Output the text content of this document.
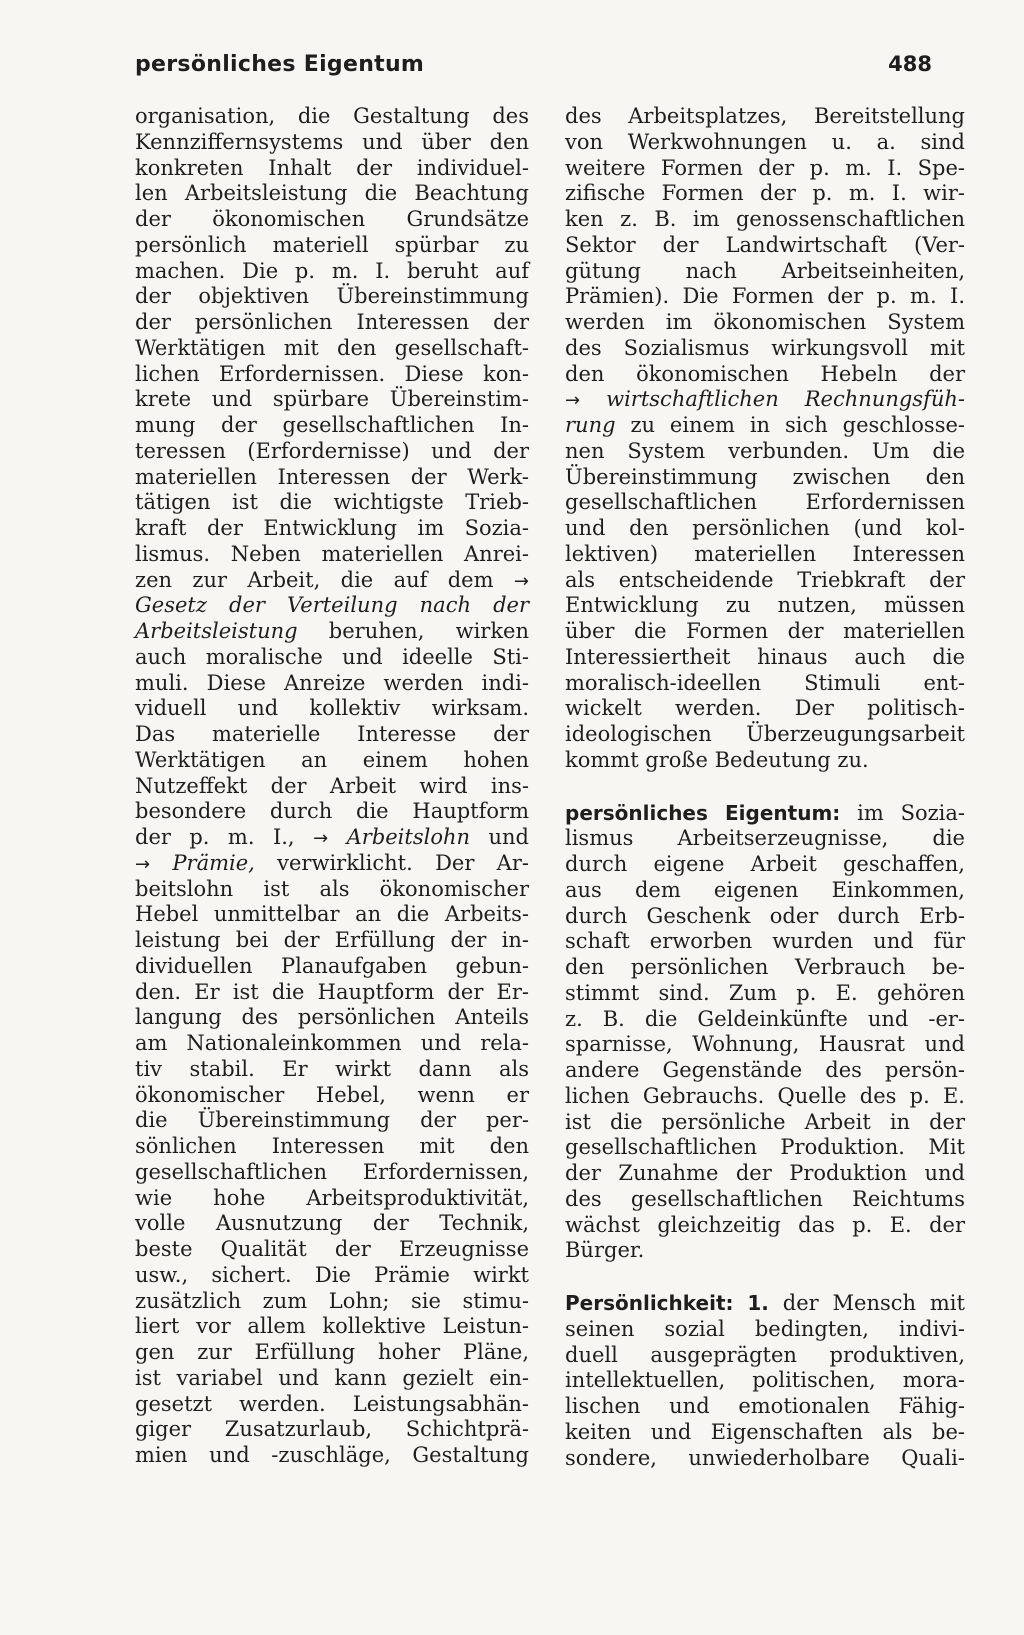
persönliches Eigentum	488
organisation, die Gestaltung des
Kennziffernsystems und über den
konkreten Inhalt der individuel-
len Arbeitsleistung die Beachtung
der ökonomischen Grundsätze
persönlich materiell spürbar zu
machen. Die p. m. I. beruht auf
der objektiven Übereinstimmung
der persönlichen Interessen der
Werktätigen mit den gesellschaft-
lichen Erfordernissen. Diese kon-
krete und spürbare Übereinstim-
mung der gesellschaftlichen In-
teressen (Erfordernisse) und der
materiellen Interessen der Werk-
tätigen ist die wichtigste Trieb-
kraft der Entwicklung im Sozia-
lismus. Neben materiellen Anrei-
zen zur Arbeit, die auf dem →
Gesetz der Verteilung nach der
Arbeitsleistung beruhen, wirken
auch moralische und ideelle Sti-
muli. Diese Anreize werden indi-
viduell und kollektiv wirksam.
Das materielle Interesse der
Werktätigen an einem hohen
Nutzeffekt der Arbeit wird ins-
besondere durch die Hauptform
der p. m. I., → Arbeitslohn und
→ Prämie, verwirklicht. Der Ar-
beitslohn ist als ökonomischer
Hebel unmittelbar an die Arbeits-
leistung bei der Erfüllung der in-
dividuellen Planaufgaben gebun-
den. Er ist die Hauptform der Er-
langung des persönlichen Anteils
am Nationaleinkommen und rela-
tiv stabil. Er wirkt dann als
ökonomischer Hebel, wenn er
die Übereinstimmung der per-
sönlichen Interessen mit den
gesellschaftlichen Erfordernissen,
wie hohe Arbeitsproduktivität,
volle Ausnutzung der Technik,
beste Qualität der Erzeugnisse
usw., sichert. Die Prämie wirkt
zusätzlich zum Lohn; sie stimu-
liert vor allem kollektive Leistun-
gen zur Erfüllung hoher Pläne,
ist variabel und kann gezielt ein-
gesetzt werden. Leistungsabhän-
giger Zusatzurlaub, Schichtprä-
mien und -zuschläge, Gestaltung
des Arbeitsplatzes, Bereitstellung
von Werkwohnungen u. a. sind
weitere Formen der p. m. I. Spe-
zifische Formen der p. m. I. wir-
ken z. B. im genossenschaftlichen
Sektor der Landwirtschaft (Ver-
gütung nach Arbeitseinheiten,
Prämien). Die Formen der p. m. I.
werden im ökonomischen System
des Sozialismus wirkungsvoll mit
den ökonomischen Hebeln der
→ wirtschaftlichen Rechnungsfüh-
rung zu einem in sich geschlosse-
nen System verbunden. Um die
Übereinstimmung zwischen den
gesellschaftlichen Erfordernissen
und den persönlichen (und kol-
lektiven) materiellen Interessen
als entscheidende Triebkraft der
Entwicklung zu nutzen, müssen
über die Formen der materiellen
Interessiertheit hinaus auch die
moralisch-ideellen Stimuli ent-
wickelt werden. Der politisch-
ideologischen Überzeugungsarbeit
kommt große Bedeutung zu.
persönliches Eigentum: im Sozia-
lismus Arbeitserzeugnisse, die
durch eigene Arbeit geschaffen,
aus dem eigenen Einkommen,
durch Geschenk oder durch Erb-
schaft erworben wurden und für
den persönlichen Verbrauch be-
stimmt sind. Zum p. E. gehören
z. B. die Geldeinkünfte und -er-
sparnisse, Wohnung, Hausrat und
andere Gegenstände des persön-
lichen Gebrauchs. Quelle des p. E.
ist die persönliche Arbeit in der
gesellschaftlichen Produktion. Mit
der Zunahme der Produktion und
des gesellschaftlichen Reichtums
wächst gleichzeitig das p. E. der
Bürger.
Persönlichkeit: 1. der Mensch mit
seinen sozial bedingten, indivi-
duell ausgeprägten produktiven,
intellektuellen, politischen, mora-
lischen und emotionalen Fähig-
keiten und Eigenschaften als be-
sondere, unwiederholbare Quali-
